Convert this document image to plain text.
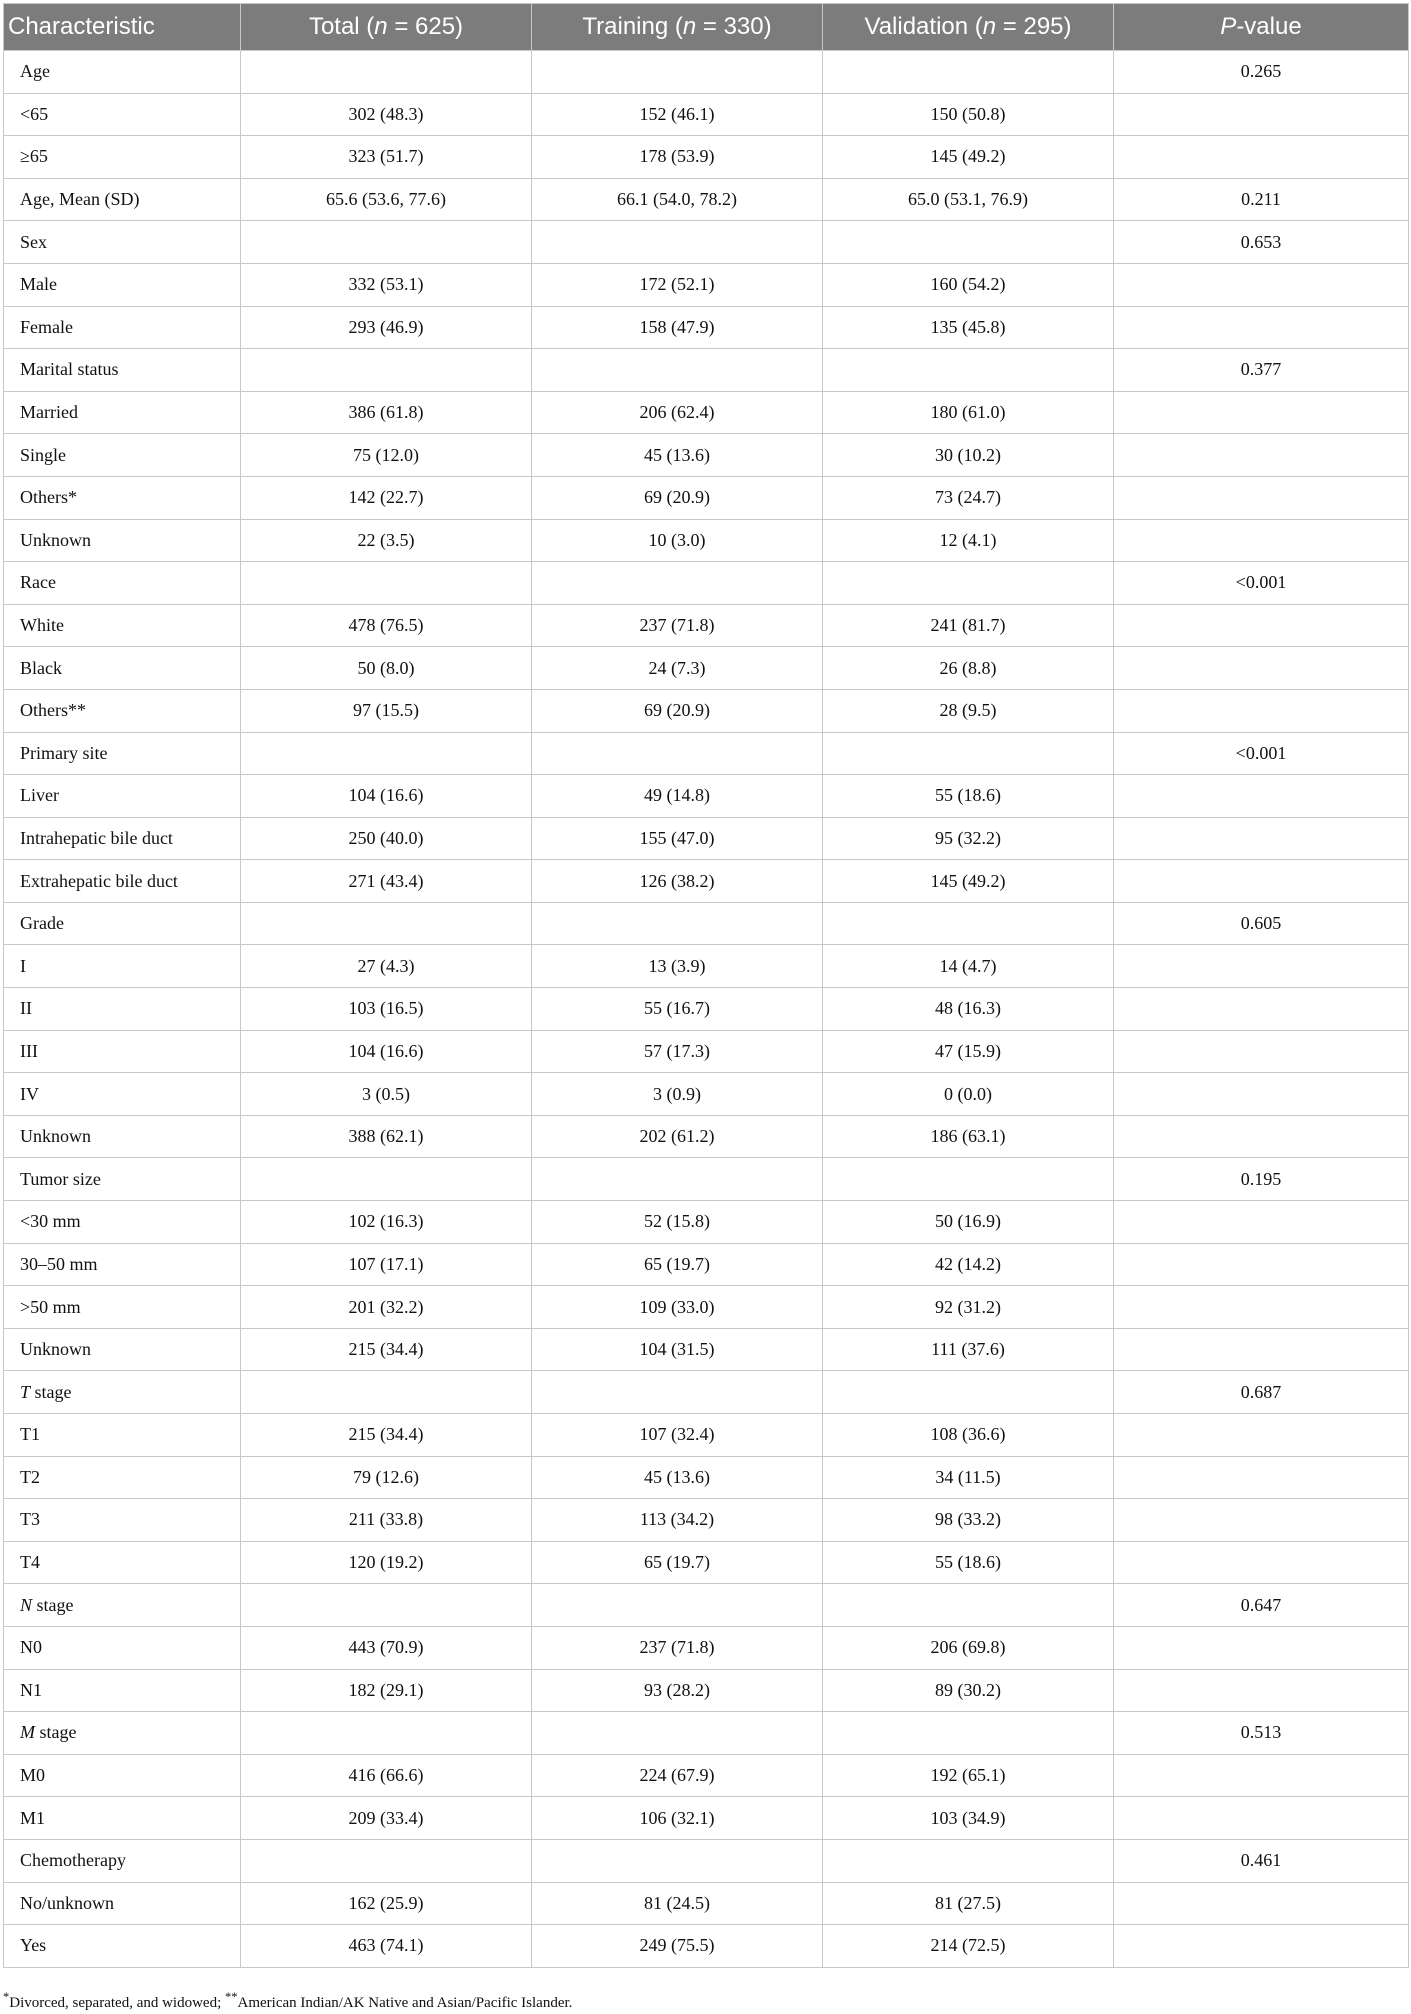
Characteristic	Total (n = 625)	Training (n = 330)	Validation (n = 295)	P-value
Age				0.265
<65	302 (48.3)	152 (46.1)	150 (50.8)	
≥65	323 (51.7)	178 (53.9)	145 (49.2)	
Age, Mean (SD)	65.6 (53.6, 77.6)	66.1 (54.0, 78.2)	65.0 (53.1, 76.9)	0.211
Sex				0.653
Male	332 (53.1)	172 (52.1)	160 (54.2)	
Female	293 (46.9)	158 (47.9)	135 (45.8)	
Marital status				0.377
Married	386 (61.8)	206 (62.4)	180 (61.0)	
Single	75 (12.0)	45 (13.6)	30 (10.2)	
Others*	142 (22.7)	69 (20.9)	73 (24.7)	
Unknown	22 (3.5)	10 (3.0)	12 (4.1)	
Race				<0.001
White	478 (76.5)	237 (71.8)	241 (81.7)	
Black	50 (8.0)	24 (7.3)	26 (8.8)	
Others**	97 (15.5)	69 (20.9)	28 (9.5)	
Primary site				<0.001
Liver	104 (16.6)	49 (14.8)	55 (18.6)	
Intrahepatic bile duct	250 (40.0)	155 (47.0)	95 (32.2)	
Extrahepatic bile duct	271 (43.4)	126 (38.2)	145 (49.2)	
Grade				0.605
I	27 (4.3)	13 (3.9)	14 (4.7)	
II	103 (16.5)	55 (16.7)	48 (16.3)	
III	104 (16.6)	57 (17.3)	47 (15.9)	
IV	3 (0.5)	3 (0.9)	0 (0.0)	
Unknown	388 (62.1)	202 (61.2)	186 (63.1)	
Tumor size				0.195
<30 mm	102 (16.3)	52 (15.8)	50 (16.9)	
30–50 mm	107 (17.1)	65 (19.7)	42 (14.2)	
>50 mm	201 (32.2)	109 (33.0)	92 (31.2)	
Unknown	215 (34.4)	104 (31.5)	111 (37.6)	
T stage				0.687
T1	215 (34.4)	107 (32.4)	108 (36.6)	
T2	79 (12.6)	45 (13.6)	34 (11.5)	
T3	211 (33.8)	113 (34.2)	98 (33.2)	
T4	120 (19.2)	65 (19.7)	55 (18.6)	
N stage				0.647
N0	443 (70.9)	237 (71.8)	206 (69.8)	
N1	182 (29.1)	93 (28.2)	89 (30.2)	
M stage				0.513
M0	416 (66.6)	224 (67.9)	192 (65.1)	
M1	209 (33.4)	106 (32.1)	103 (34.9)	
Chemotherapy				0.461
No/unknown	162 (25.9)	81 (24.5)	81 (27.5)	
Yes	463 (74.1)	249 (75.5)	214 (72.5)	
*Divorced, separated, and widowed; **American Indian/AK Native and Asian/Pacific Islander.
